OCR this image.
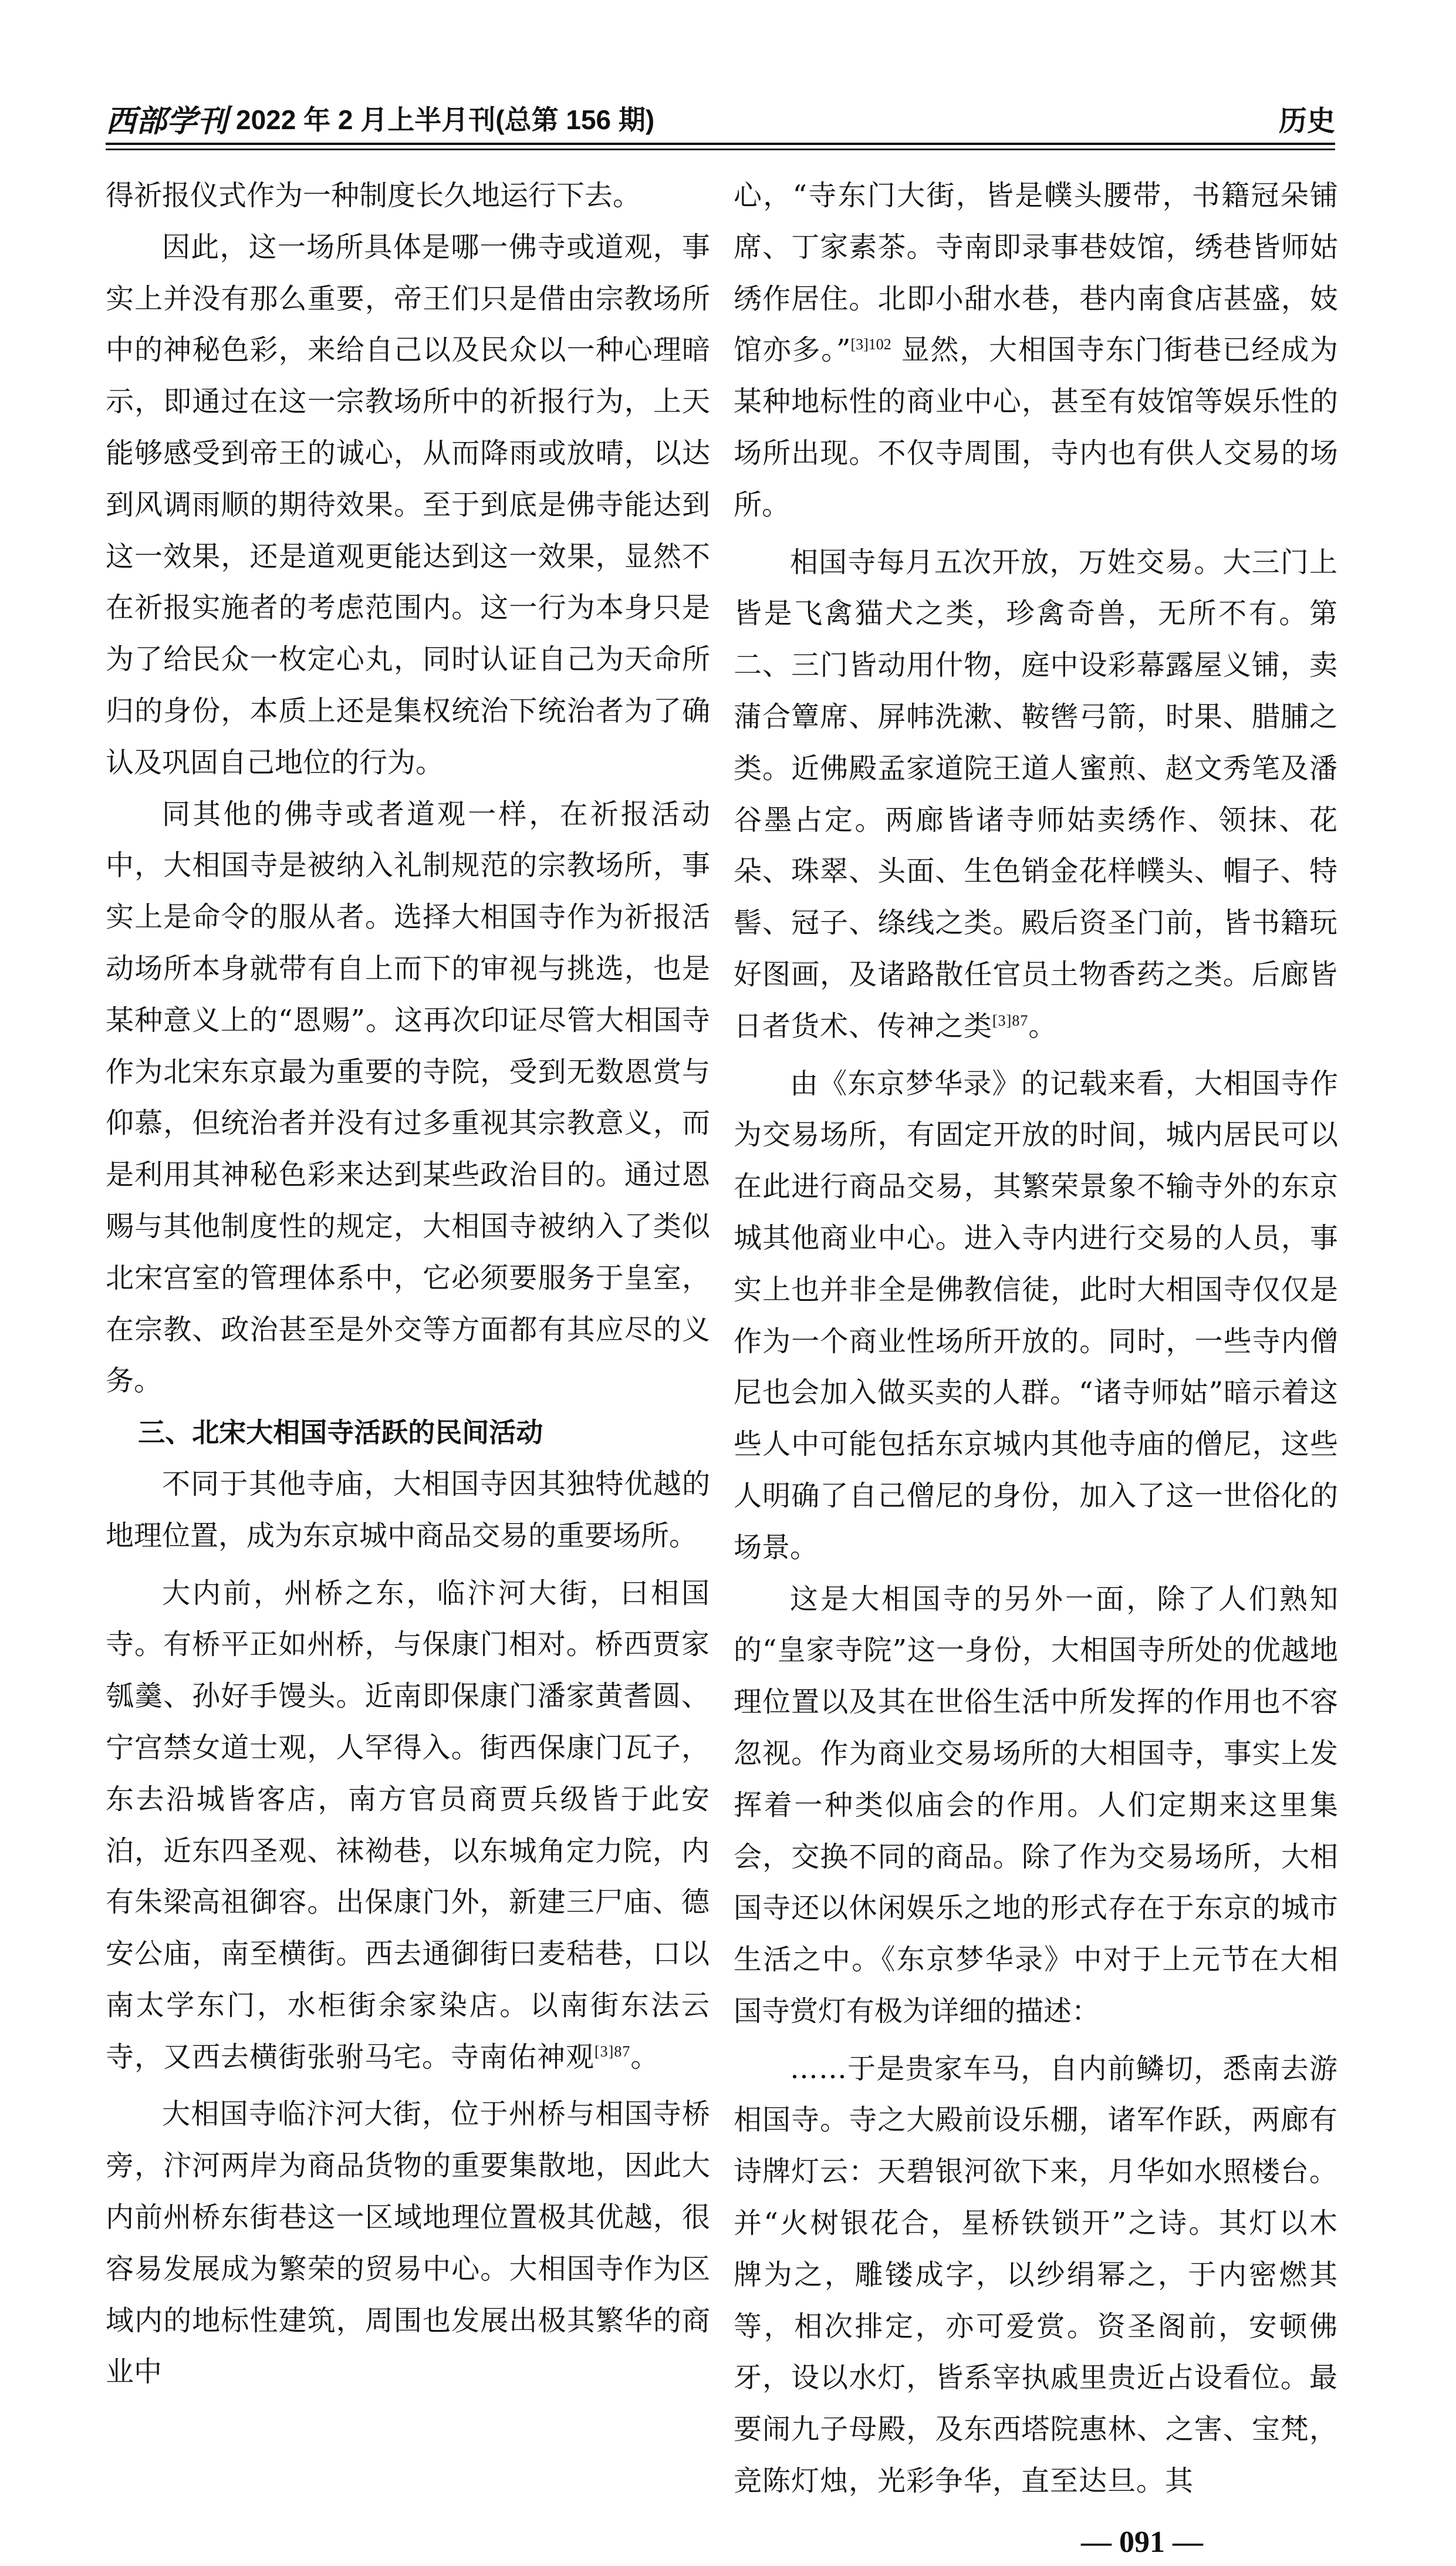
西部学刊 2022 年 2 月上半月刊(总第 156 期)	历史

得祈报仪式作为一种制度长久地运行下去。

因此，这一场所具体是哪一佛寺或道观，事实上并没有那么重要，帝王们只是借由宗教场所中的神秘色彩，来给自己以及民众以一种心理暗示，即通过在这一宗教场所中的祈报行为，上天能够感受到帝王的诚心，从而降雨或放晴，以达到风调雨顺的期待效果。至于到底是佛寺能达到这一效果，还是道观更能达到这一效果，显然不在祈报实施者的考虑范围内。这一行为本身只是为了给民众一枚定心丸，同时认证自己为天命所归的身份，本质上还是集权统治下统治者为了确认及巩固自己地位的行为。

同其他的佛寺或者道观一样，在祈报活动中，大相国寺是被纳入礼制规范的宗教场所，事实上是命令的服从者。选择大相国寺作为祈报活动场所本身就带有自上而下的审视与挑选，也是某种意义上的“恩赐”。这再次印证尽管大相国寺作为北宋东京最为重要的寺院，受到无数恩赏与仰慕，但统治者并没有过多重视其宗教意义，而是利用其神秘色彩来达到某些政治目的。通过恩赐与其他制度性的规定，大相国寺被纳入了类似北宋宫室的管理体系中，它必须要服务于皇室，在宗教、政治甚至是外交等方面都有其应尽的义务。

三、北宋大相国寺活跃的民间活动

不同于其他寺庙，大相国寺因其独特优越的地理位置，成为东京城中商品交易的重要场所。

大内前，州桥之东，临汴河大街，曰相国寺。有桥平正如州桥，与保康门相对。桥西贾家瓠羹、孙好手馒头。近南即保康门潘家黄耆圆、宁宫禁女道士观，人罕得入。街西保康门瓦子，东去沿城皆客店，南方官员商贾兵级皆于此安泊，近东四圣观、袜袎巷，以东城角定力院，内有朱梁高祖御容。出保康门外，新建三尸庙、德安公庙，南至横街。西去通御街曰麦秸巷，口以南太学东门，水柜街余家染店。以南街东法云寺，又西去横街张驸马宅。寺南佑神观$^{[3]87}$。

大相国寺临汴河大街，位于州桥与相国寺桥旁，汴河两岸为商品货物的重要集散地，因此大内前州桥东街巷这一区域地理位置极其优越，很容易发展成为繁荣的贸易中心。大相国寺作为区域内的地标性建筑，周围也发展出极其繁华的商业中

心，“寺东门大街，皆是幞头腰带，书籍冠朵铺席、丁家素茶。寺南即录事巷妓馆，绣巷皆师姑绣作居住。北即小甜水巷，巷内南食店甚盛，妓馆亦多。”$^{[3]102}$ 显然，大相国寺东门街巷已经成为某种地标性的商业中心，甚至有妓馆等娱乐性的场所出现。不仅寺周围，寺内也有供人交易的场所。

相国寺每月五次开放，万姓交易。大三门上皆是飞禽猫犬之类，珍禽奇兽，无所不有。第二、三门皆动用什物，庭中设彩幕露屋义铺，卖蒲合簟席、屏帏洗漱、鞍辔弓箭，时果、腊脯之类。近佛殿孟家道院王道人蜜煎、赵文秀笔及潘谷墨占定。两廊皆诸寺师姑卖绣作、领抹、花朵、珠翠、头面、生色销金花样幞头、帽子、特髻、冠子、绦线之类。殿后资圣门前，皆书籍玩好图画，及诸路散任官员土物香药之类。后廊皆日者货术、传神之类$^{[3]87}$。

由《东京梦华录》的记载来看，大相国寺作为交易场所，有固定开放的时间，城内居民可以在此进行商品交易，其繁荣景象不输寺外的东京城其他商业中心。进入寺内进行交易的人员，事实上也并非全是佛教信徒，此时大相国寺仅仅是作为一个商业性场所开放的。同时，一些寺内僧尼也会加入做买卖的人群。“诸寺师姑”暗示着这些人中可能包括东京城内其他寺庙的僧尼，这些人明确了自己僧尼的身份，加入了这一世俗化的场景。

这是大相国寺的另外一面，除了人们熟知的“皇家寺院”这一身份，大相国寺所处的优越地理位置以及其在世俗生活中所发挥的作用也不容忽视。作为商业交易场所的大相国寺，事实上发挥着一种类似庙会的作用。人们定期来这里集会，交换不同的商品。除了作为交易场所，大相国寺还以休闲娱乐之地的形式存在于东京的城市生活之中。《东京梦华录》中对于上元节在大相国寺赏灯有极为详细的描述：

……于是贵家车马，自内前鳞切，悉南去游相国寺。寺之大殿前设乐棚，诸军作跃，两廊有诗牌灯云：天碧银河欲下来，月华如水照楼台。并“火树银花合，星桥铁锁开”之诗。其灯以木牌为之，雕镂成字，以纱绢幂之，于内密燃其等，相次排定，亦可爱赏。资圣阁前，安顿佛牙，设以水灯，皆系宰执戚里贵近占设看位。最要闹九子母殿，及东西塔院惠林、之害、宝梵，竞陈灯烛，光彩争华，直至达旦。其

— 091 —
